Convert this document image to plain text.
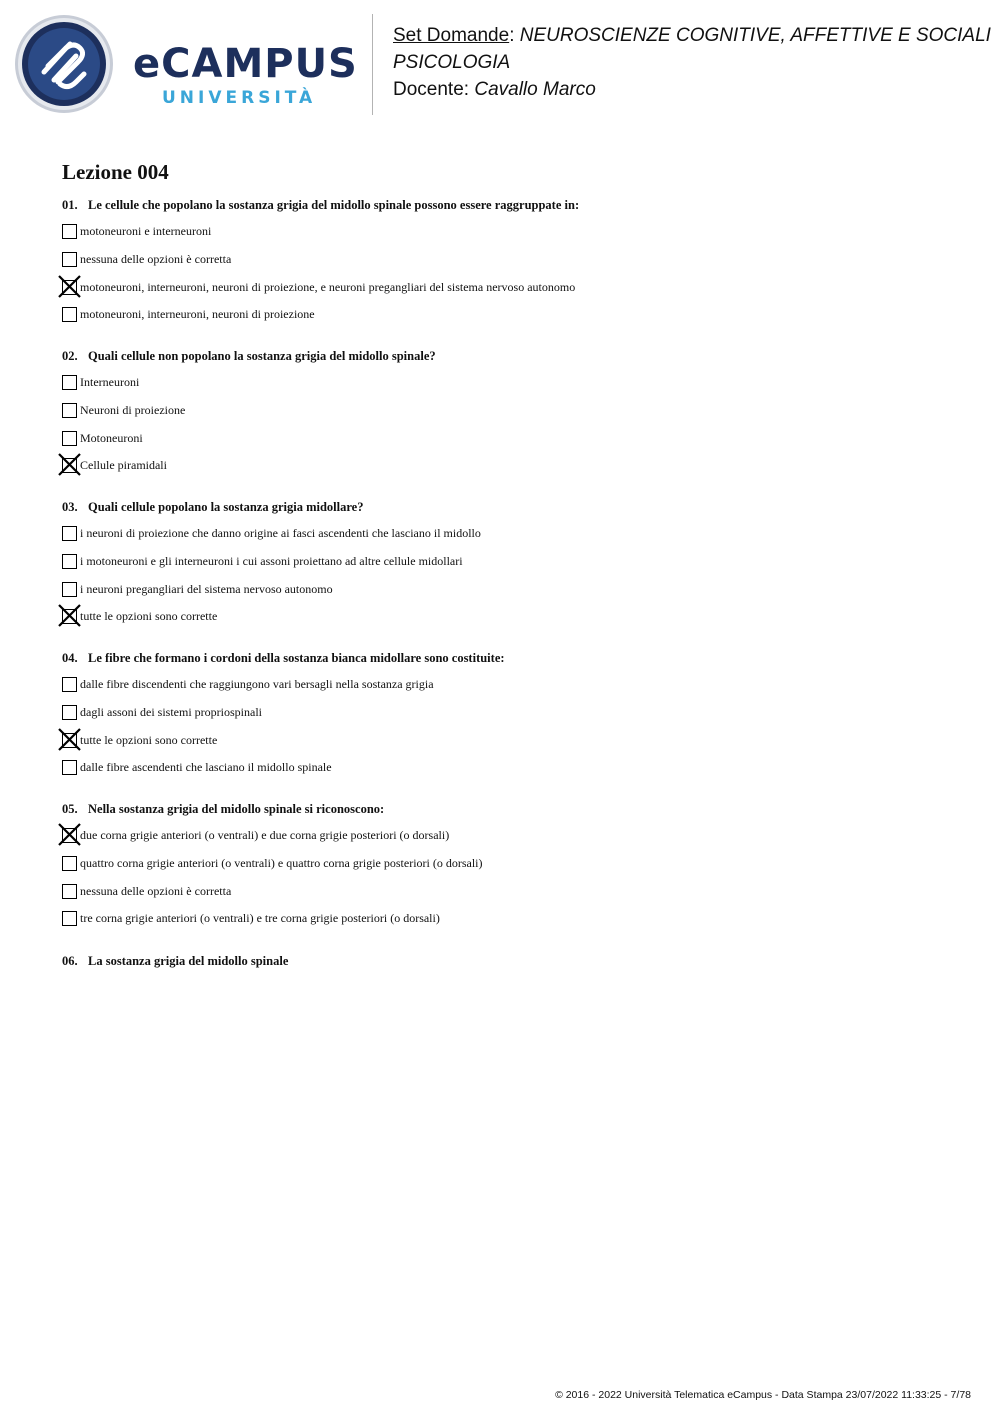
eCAMPUS
UNIVERSITÀ
Set Domande: NEUROSCIENZE COGNITIVE, AFFETTIVE E SOCIALI
PSICOLOGIA
Docente: Cavallo Marco
Lezione 004
01. Le cellule che popolano la sostanza grigia del midollo spinale possono essere raggruppate in:
motoneuroni e interneuroni
nessuna delle opzioni è corretta
motoneuroni, interneuroni, neuroni di proiezione, e neuroni pregangliari del sistema nervoso autonomo
motoneuroni, interneuroni, neuroni di proiezione
02. Quali cellule non popolano la sostanza grigia del midollo spinale?
Interneuroni
Neuroni di proiezione
Motoneuroni
Cellule piramidali
03. Quali cellule popolano la sostanza grigia midollare?
i neuroni di proiezione che danno origine ai fasci ascendenti che lasciano il midollo
i motoneuroni e gli interneuroni i cui assoni proiettano ad altre cellule midollari
i neuroni pregangliari del sistema nervoso autonomo
tutte le opzioni sono corrette
04. Le fibre che formano i cordoni della sostanza bianca midollare sono costituite:
dalle fibre discendenti che raggiungono vari bersagli nella sostanza grigia
dagli assoni dei sistemi propriospinali
tutte le opzioni sono corrette
dalle fibre ascendenti che lasciano il midollo spinale
05. Nella sostanza grigia del midollo spinale si riconoscono:
due corna grigie anteriori (o ventrali) e due corna grigie posteriori (o dorsali)
quattro corna grigie anteriori (o ventrali) e quattro corna grigie posteriori (o dorsali)
nessuna delle opzioni è corretta
tre corna grigie anteriori (o ventrali) e tre corna grigie posteriori (o dorsali)
06. La sostanza grigia del midollo spinale
© 2016 - 2022 Università Telematica eCampus - Data Stampa 23/07/2022 11:33:25 - 7/78
